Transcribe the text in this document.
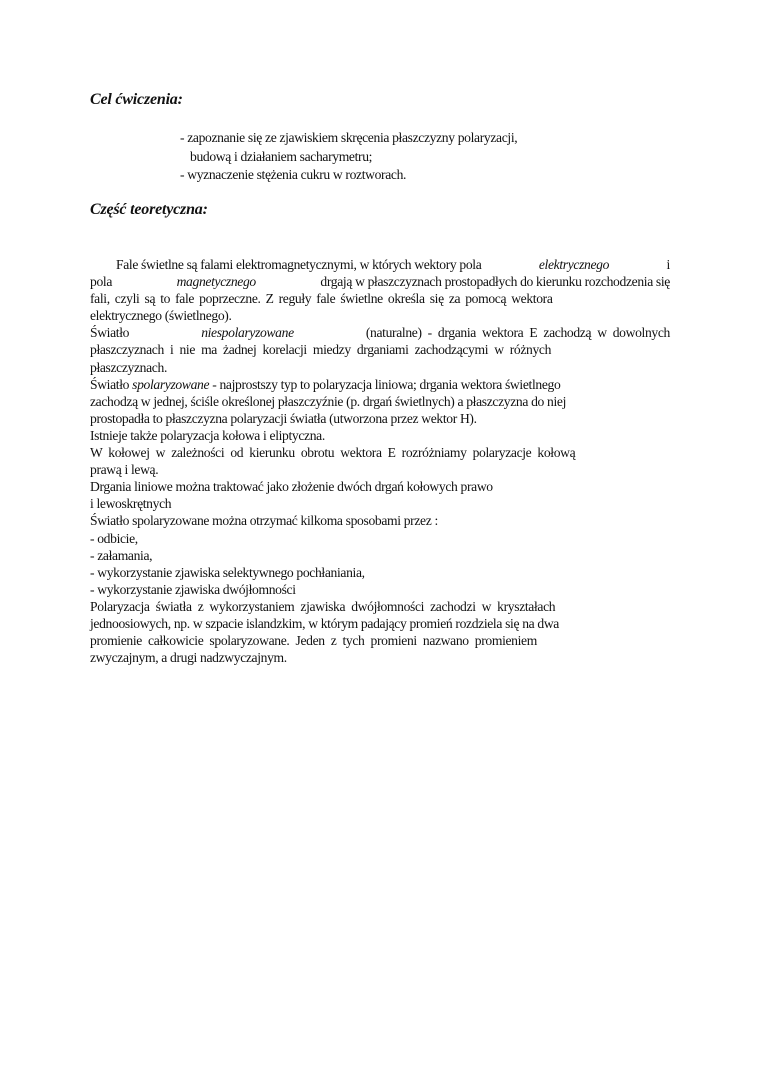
Cel ćwiczenia:
- zapoznanie się ze zjawiskiem skręcenia płaszczyzny polaryzacji,
budową i działaniem sacharymetru;
- wyznaczenie stężenia cukru w roztworach.
Część teoretyczna:
Fale świetlne są falami elektromagnetycznymi, w których wektory pola	elektrycznego	i
pola	magnetycznego	drgają w płaszczyznach prostopadłych do kierunku rozchodzenia się
fali, czyli są to fale poprzeczne. Z reguły fale świetlne określa się za pomocą wektora
elektrycznego (świetlnego).
Światło	niespolaryzowane	(naturalne) - drgania wektora E zachodzą w dowolnych
płaszczyznach i nie ma żadnej korelacji miedzy drganiami zachodzącymi w różnych
płaszczyznach.
Światło spolaryzowane - najprostszy typ to polaryzacja liniowa; drgania wektora świetlnego
zachodzą w jednej, ściśle określonej płaszczyźnie (p. drgań świetlnych) a płaszczyzna do niej
prostopadła to płaszczyzna polaryzacji światła (utworzona przez wektor H).
Istnieje także polaryzacja kołowa i eliptyczna.
W kołowej w zależności od kierunku obrotu wektora E rozróżniamy polaryzacje kołową
prawą i lewą.
Drgania liniowe można traktować jako złożenie dwóch drgań kołowych prawo
i lewoskrętnych
Światło spolaryzowane można otrzymać kilkoma sposobami przez :
- odbicie,
- załamania,
- wykorzystanie zjawiska selektywnego pochłaniania,
- wykorzystanie zjawiska dwójłomności
Polaryzacja światła z wykorzystaniem zjawiska dwójłomności zachodzi w kryształach
jednoosiowych, np. w szpacie islandzkim, w którym padający promień rozdziela się na dwa
promienie całkowicie spolaryzowane. Jeden z tych promieni nazwano promieniem
zwyczajnym, a drugi nadzwyczajnym.
